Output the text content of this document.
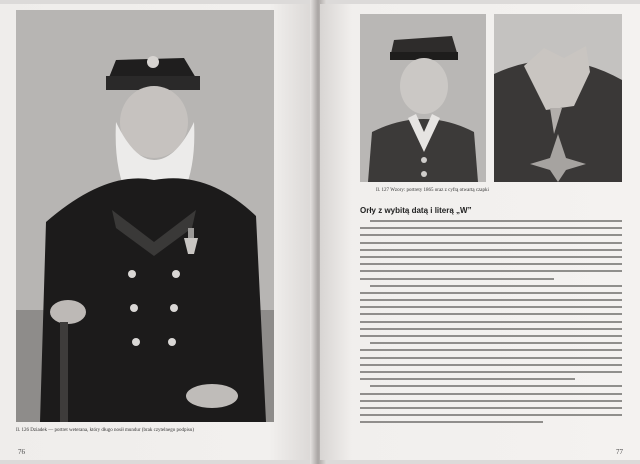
Il. 126 Dziadek — portret weterana, który długo nosił mundur (brak czytelnego podpisu)
76
Il. 127 Wzory: portrety 1865 oraz z cyfrą otwartą czapki
Orły z wybitą datą i literą „W”
77
